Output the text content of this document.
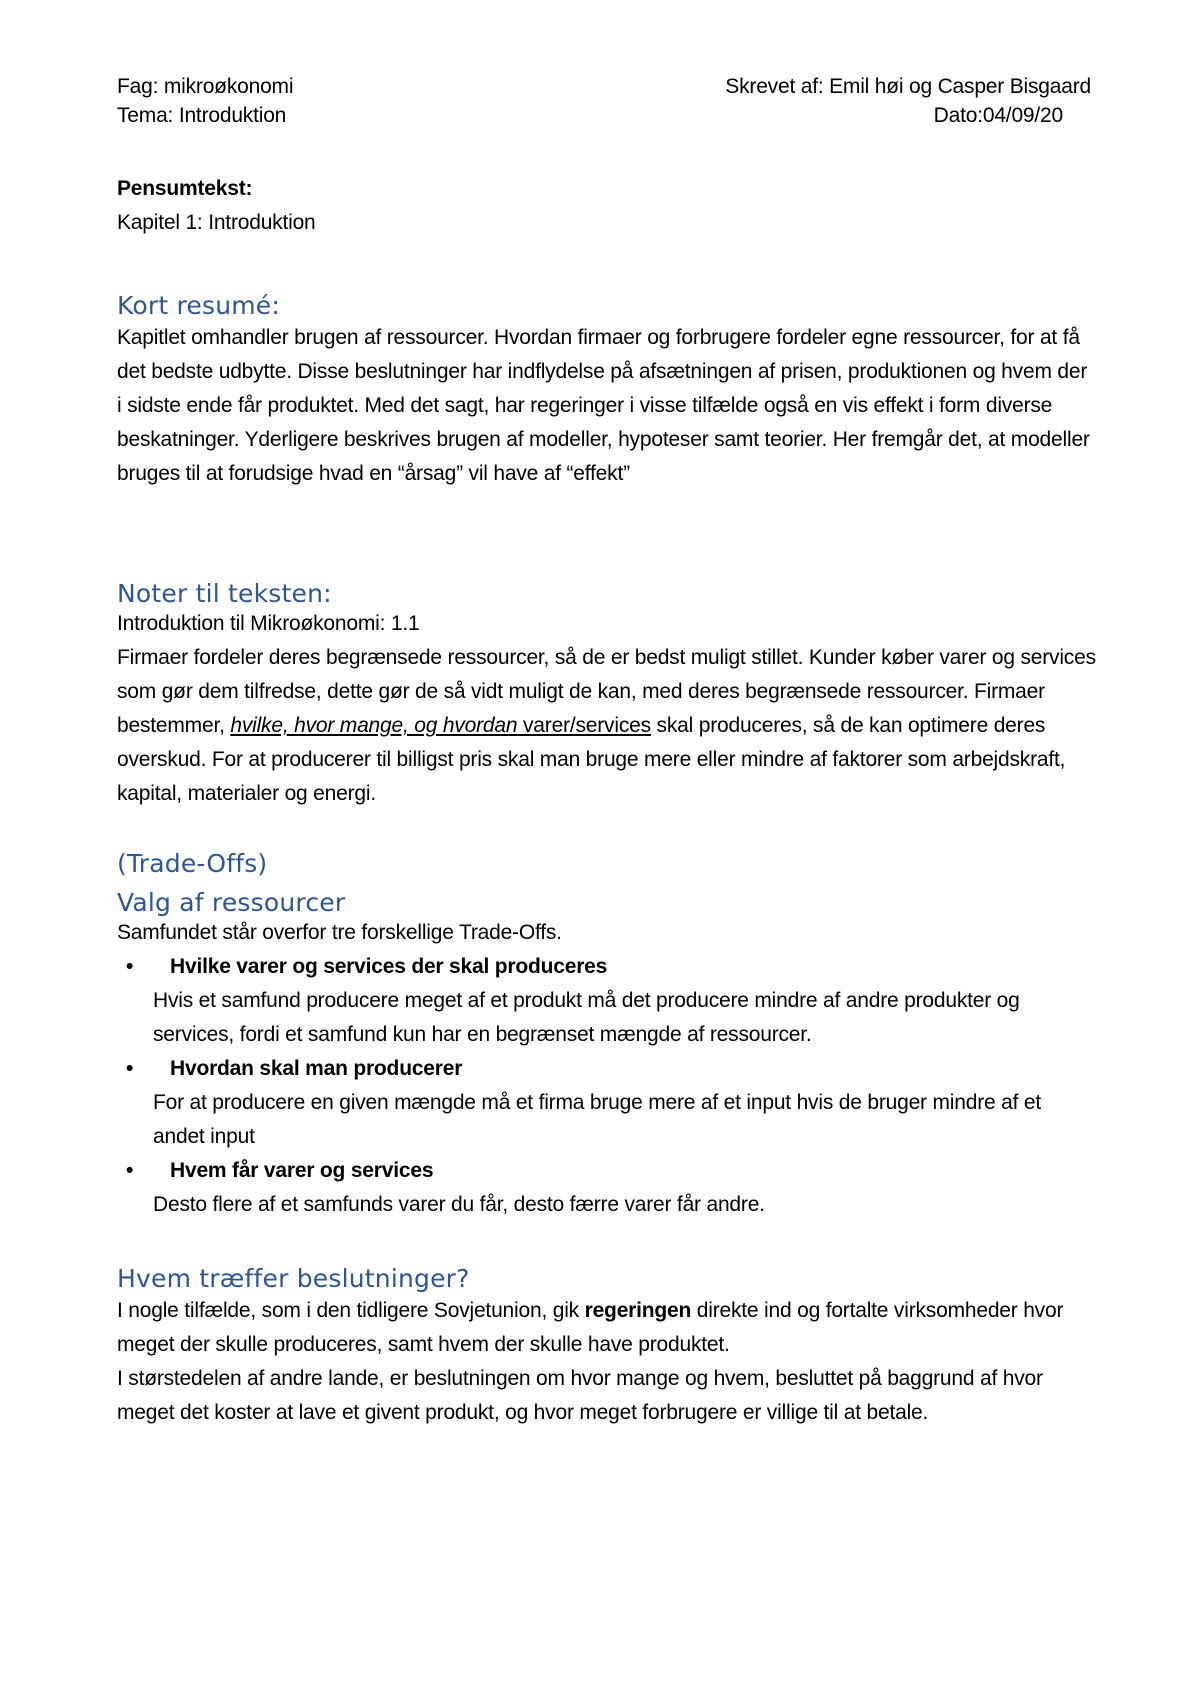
Fag: mikroøkonomi	Skrevet af: Emil høi og Casper Bisgaard
Tema: Introduktion	Dato:04/09/20
Pensumtekst:
Kapitel 1: Introduktion
Kort resumé:

Kapitlet omhandler brugen af ressourcer. Hvordan firmaer og forbrugere fordeler egne ressourcer, for at få det bedste udbytte. Disse beslutninger har indflydelse på afsætningen af prisen, produktionen og hvem der i sidste ende får produktet. Med det sagt, har regeringer i visse tilfælde også en vis effekt i form diverse beskatninger. Yderligere beskrives brugen af modeller, hypoteser samt teorier. Her fremgår det, at modeller bruges til at forudsige hvad en “årsag” vil have af “effekt”

Noter til teksten:
Introduktion til Mikroøkonomi: 1.1

Firmaer fordeler deres begrænsede ressourcer, så de er bedst muligt stillet. Kunder køber varer og services som gør dem tilfredse, dette gør de så vidt muligt de kan, med deres begrænsede ressourcer. Firmaer bestemmer, hvilke, hvor mange, og hvordan varer/services skal produceres, så de kan optimere deres overskud. For at producerer til billigst pris skal man bruge mere eller mindre af faktorer som arbejdskraft, kapital, materialer og energi.

(Trade-Offs)
Valg af ressourcer
Samfundet står overfor tre forskellige Trade-Offs.
• Hvilke varer og services der skal produceres
Hvis et samfund producere meget af et produkt må det producere mindre af andre produkter og services, fordi et samfund kun har en begrænset mængde af ressourcer.
• Hvordan skal man producerer
For at producere en given mængde må et firma bruge mere af et input hvis de bruger mindre af et andet input
• Hvem får varer og services
Desto flere af et samfunds varer du får, desto færre varer får andre.
Hvem træffer beslutninger?

I nogle tilfælde, som i den tidligere Sovjetunion, gik regeringen direkte ind og fortalte virksomheder hvor meget der skulle produceres, samt hvem der skulle have produktet.

I størstedelen af andre lande, er beslutningen om hvor mange og hvem, besluttet på baggrund af hvor meget det koster at lave et givent produkt, og hvor meget forbrugere er villige til at betale.
